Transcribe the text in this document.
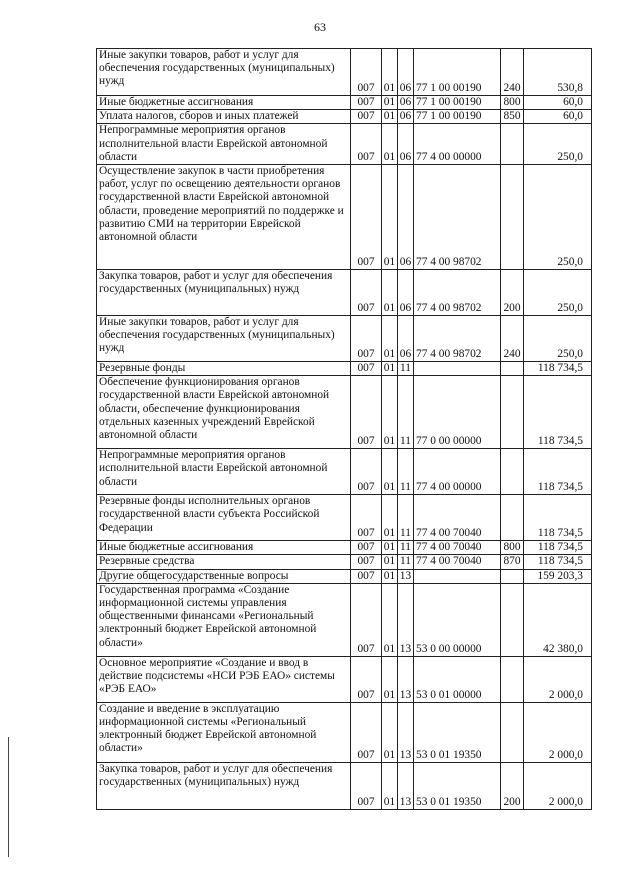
63
Иные закупки товаров, работ и услуг для обеспечения государственных (муниципальных) нужд	007	01	06	77 1 00 00190	240	530,8
Иные бюджетные ассигнования	007	01	06	77 1 00 00190	800	60,0
Уплата налогов, сборов и иных платежей	007	01	06	77 1 00 00190	850	60,0
Непрограммные мероприятия органов исполнительной власти Еврейской автономной области	007	01	06	77 4 00 00000		250,0
Осуществление закупок в части приобретения работ, услуг по освещению деятельности органов государственной власти Еврейской автономной области, проведение мероприятий по поддержке и развитию СМИ на территории Еврейской автономной области	007	01	06	77 4 00 98702		250,0
Закупка товаров, работ и услуг для обеспечения государственных (муниципальных) нужд	007	01	06	77 4 00 98702	200	250,0
Иные закупки товаров, работ и услуг для обеспечения государственных (муниципальных) нужд	007	01	06	77 4 00 98702	240	250,0
Резервные фонды	007	01	11			118 734,5
Обеспечение функционирования органов государственной власти Еврейской автономной области, обеспечение функционирования отдельных казенных учреждений Еврейской автономной области	007	01	11	77 0 00 00000		118 734,5
Непрограммные мероприятия органов исполнительной власти Еврейской автономной области	007	01	11	77 4 00 00000		118 734,5
Резервные фонды исполнительных органов государственной власти субъекта Российской Федерации	007	01	11	77 4 00 70040		118 734,5
Иные бюджетные ассигнования	007	01	11	77 4 00 70040	800	118 734,5
Резервные средства	007	01	11	77 4 00 70040	870	118 734,5
Другие общегосударственные вопросы	007	01	13			159 203,3
Государственная программа «Создание информационной системы управления общественными финансами «Региональный электронный бюджет Еврейской автономной области»	007	01	13	53 0 00 00000		42 380,0
Основное мероприятие «Создание и ввод в действие подсистемы «НСИ РЭБ ЕАО» системы «РЭБ ЕАО»	007	01	13	53 0 01 00000		2 000,0
Создание и введение в эксплуатацию информационной системы «Региональный электронный бюджет Еврейской автономной области»	007	01	13	53 0 01 19350		2 000,0
Закупка товаров, работ и услуг для обеспечения государственных (муниципальных) нужд	007	01	13	53 0 01 19350	200	2 000,0
